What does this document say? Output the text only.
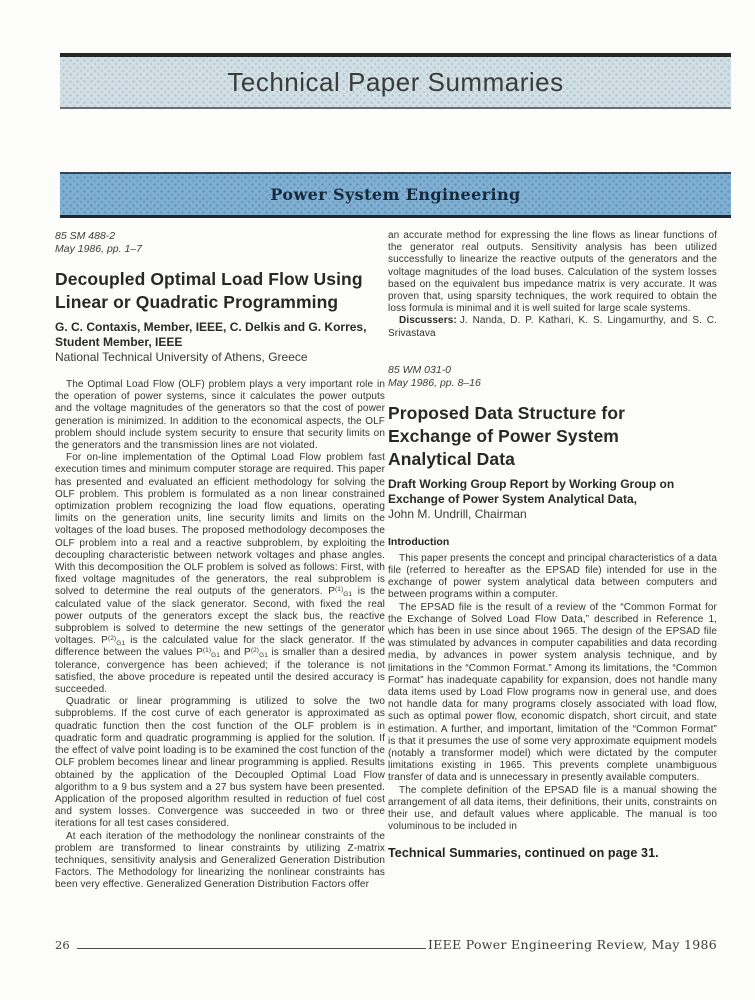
Technical Paper Summaries
Power System Engineering
85 SM 488-2
May 1986, pp. 1–7
Decoupled Optimal Load Flow Using Linear or Quadratic Programming
G. C. Contaxis, Member, IEEE, C. Delkis and G. Korres, Student Member, IEEE
National Technical University of Athens, Greece

The Optimal Load Flow (OLF) problem plays a very important role in the operation of power systems, since it calculates the power outputs and the voltage magnitudes of the generators so that the cost of power generation is minimized. In addition to the economical aspects, the OLF problem should include system security to ensure that security limits on the generators and the transmission lines are not violated.

For on-line implementation of the Optimal Load Flow problem fast execution times and minimum computer storage are required. This paper has presented and evaluated an efficient methodology for solving the OLF problem. This problem is formulated as a non linear constrained optimization problem recognizing the load flow equations, operating limits on the generation units, line security limits and limits on the voltages of the load buses. The proposed methodology decomposes the OLF problem into a real and a reactive subproblem, by exploiting the decoupling characteristic between network voltages and phase angles. With this decomposition the OLF problem is solved as follows: First, with fixed voltage magnitudes of the generators, the real subproblem is solved to determine the real outputs of the generators. $P^{(1)}_{G1}$ is the calculated value of the slack generator. Second, with fixed the real power outputs of the generators except the slack bus, the reactive subproblem is solved to determine the new settings of the generator voltages. $P^{(2)}_{G1}$ is the calculated value for the slack generator. If the difference between the values $P^{(1)}_{G1}$ and $P^{(2)}_{G1}$ is smaller than a desired tolerance, convergence has been achieved; if the tolerance is not satisfied, the above procedure is repeated until the desired accuracy is succeeded.

Quadratic or linear programming is utilized to solve the two subproblems. If the cost curve of each generator is approximated as quadratic function then the cost function of the OLF problem is in quadratic form and quadratic programming is applied for the solution. If the effect of valve point loading is to be examined the cost function of the OLF problem becomes linear and linear programming is applied. Results obtained by the application of the Decoupled Optimal Load Flow algorithm to a 9 bus system and a 27 bus system have been presented. Application of the proposed algorithm resulted in reduction of fuel cost and system losses. Convergence was succeeded in two or three iterations for all test cases considered.

At each iteration of the methodology the nonlinear constraints of the problem are transformed to linear constraints by utilizing Z-matrix techniques, sensitivity analysis and Generalized Generation Distribution Factors. The Methodology for linearizing the nonlinear constraints has been very effective. Generalized Generation Distribution Factors offer

an accurate method for expressing the line flows as linear functions of the generator real outputs. Sensitivity analysis has been utilized successfully to linearize the reactive outputs of the generators and the voltage magnitudes of the load buses. Calculation of the system losses based on the equivalent bus impedance matrix is very accurate. It was proven that, using sparsity techniques, the work required to obtain the loss formula is minimal and it is well suited for large scale systems.

Discussers: J. Nanda, D. P. Kathari, K. S. Lingamurthy, and S. C. Srivastava

85 WM 031-0
May 1986, pp. 8–16
Proposed Data Structure for Exchange of Power System Analytical Data
Draft Working Group Report by Working Group on Exchange of Power System Analytical Data,
John M. Undrill, Chairman
Introduction

This paper presents the concept and principal characteristics of a data file (referred to hereafter as the EPSAD file) intended for use in the exchange of power system analytical data between computers and between programs within a computer.

The EPSAD file is the result of a review of the “Common Format for the Exchange of Solved Load Flow Data,” described in Reference 1, which has been in use since about 1965. The design of the EPSAD file was stimulated by advances in computer capabilities and data recording media, by advances in power system analysis technique, and by limitations in the “Common Format.” Among its limitations, the “Common Format” has inadequate capability for expansion, does not handle many data items used by Load Flow programs now in general use, and does not handle data for many programs closely associated with load flow, such as optimal power flow, economic dispatch, short circuit, and state estimation. A further, and important, limitation of the “Common Format” is that it presumes the use of some very approximate equipment models (notably a transformer model) which were dictated by the computer limitations existing in 1965. This prevents complete unambiguous transfer of data and is unnecessary in presently available computers.

The complete definition of the EPSAD file is a manual showing the arrangement of all data items, their definitions, their units, constraints on their use, and default values where applicable. The manual is too voluminous to be included in

Technical Summaries, continued on page 31.
26	IEEE Power Engineering Review, May 1986
